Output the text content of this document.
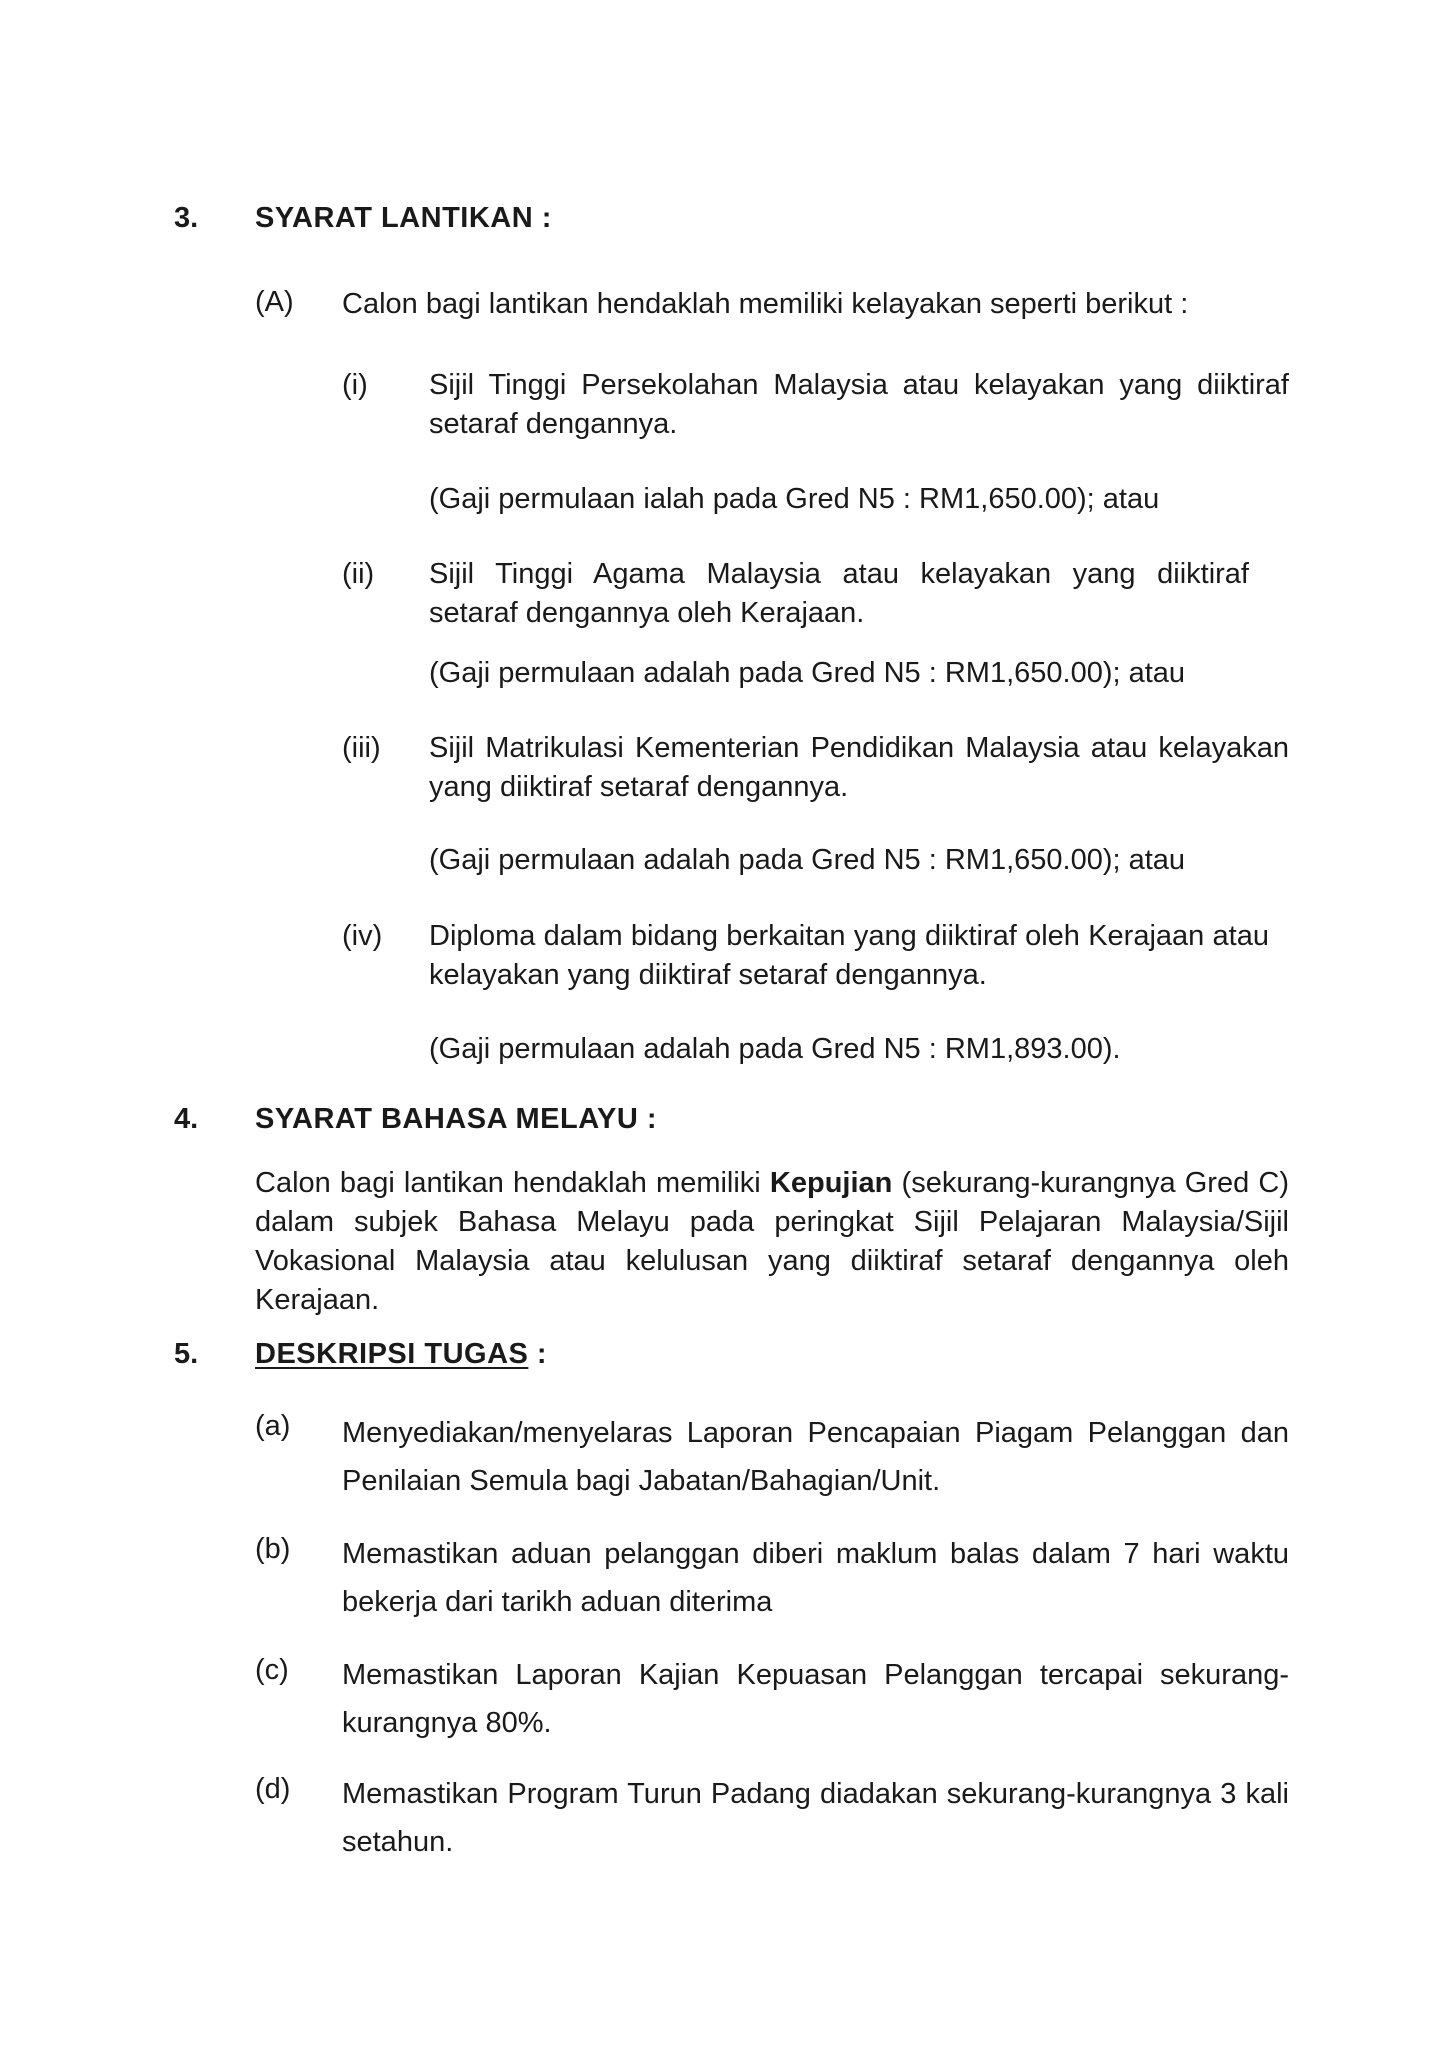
3. SYARAT LANTIKAN :
(A) Calon bagi lantikan hendaklah memiliki kelayakan seperti berikut :
(i) Sijil Tinggi Persekolahan Malaysia atau kelayakan yang diiktiraf setaraf dengannya.
(Gaji permulaan ialah pada Gred N5 : RM1,650.00); atau
(ii) Sijil Tinggi Agama Malaysia atau kelayakan yang diiktiraf setaraf dengannya oleh Kerajaan.
(Gaji permulaan adalah pada Gred N5 : RM1,650.00); atau
(iii) Sijil Matrikulasi Kementerian Pendidikan Malaysia atau kelayakan yang diiktiraf setaraf dengannya.
(Gaji permulaan adalah pada Gred N5 : RM1,650.00); atau
(iv) Diploma dalam bidang berkaitan yang diiktiraf oleh Kerajaan atau kelayakan yang diiktiraf setaraf dengannya.
(Gaji permulaan adalah pada Gred N5 : RM1,893.00).
4. SYARAT BAHASA MELAYU :
Calon bagi lantikan hendaklah memiliki Kepujian (sekurang-kurangnya Gred C) dalam subjek Bahasa Melayu pada peringkat Sijil Pelajaran Malaysia/Sijil Vokasional Malaysia atau kelulusan yang diiktiraf setaraf dengannya oleh Kerajaan.
5. DESKRIPSI TUGAS :
(a) Menyediakan/menyelaras Laporan Pencapaian Piagam Pelanggan dan Penilaian Semula bagi Jabatan/Bahagian/Unit.
(b) Memastikan aduan pelanggan diberi maklum balas dalam 7 hari waktu bekerja dari tarikh aduan diterima
(c) Memastikan Laporan Kajian Kepuasan Pelanggan tercapai sekurang-kurangnya 80%.
(d) Memastikan Program Turun Padang diadakan sekurang-kurangnya 3 kali setahun.
